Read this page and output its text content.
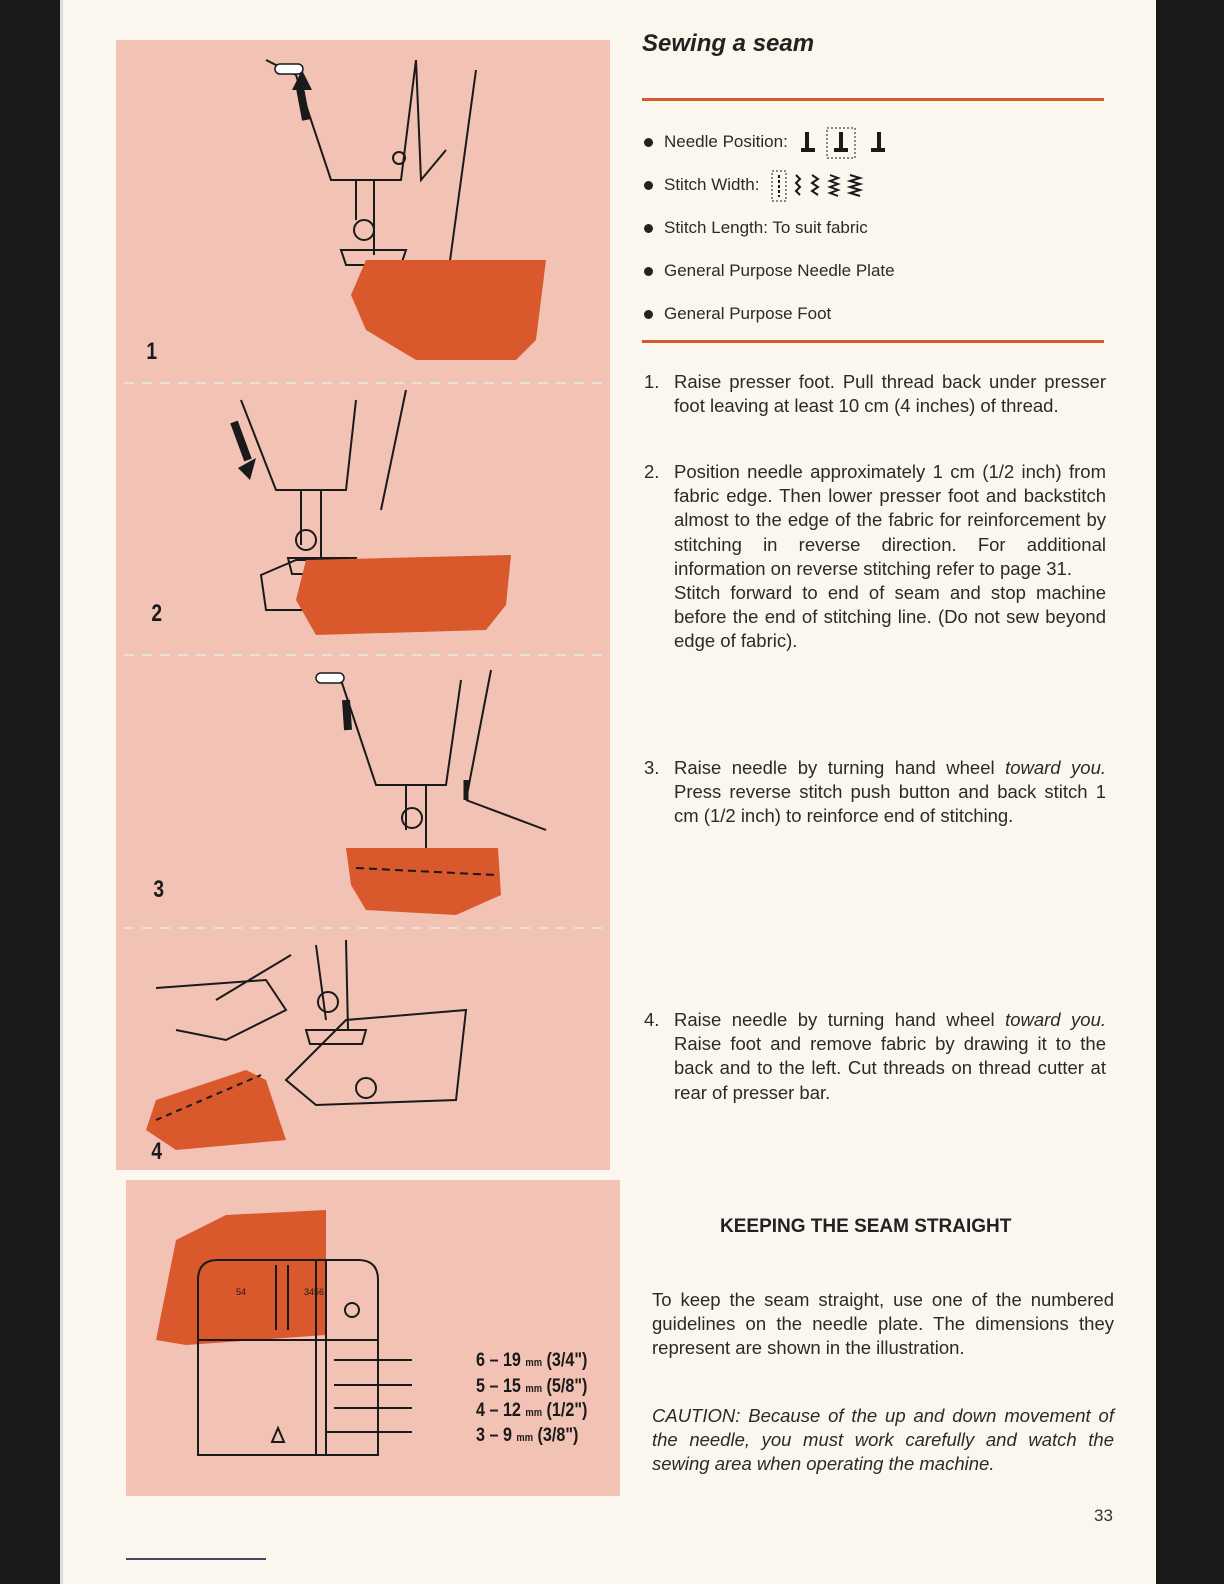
1
2
3
4
54	3456
6 – 19 mm (3/4")
5 – 15 mm (5/8")
4 – 12 mm (1/2")
3 – 9 mm (3/8")
Sewing a seam
Needle Position:
Stitch Width:
Stitch Length: To suit fabric
General Purpose Needle Plate
General Purpose Foot
1. Raise presser foot. Pull thread back under presser foot leaving at least 10 cm (4 inches) of thread.
2. Position needle approximately 1 cm (1/2 inch) from fabric edge. Then lower presser foot and backstitch almost to the edge of the fabric for reinforcement by stitching in reverse direction. For additional information on reverse stitching refer to page 31.
Stitch forward to end of seam and stop machine before the end of stitching line. (Do not sew beyond edge of fabric).
3. Raise needle by turning hand wheel toward you. Press reverse stitch push button and back stitch 1 cm (1/2 inch) to reinforce end of stitching.
4. Raise needle by turning hand wheel toward you. Raise foot and remove fabric by drawing it to the back and to the left. Cut threads on thread cutter at rear of presser bar.
KEEPING THE SEAM STRAIGHT
To keep the seam straight, use one of the numbered guidelines on the needle plate. The dimensions they represent are shown in the illustration.
CAUTION: Because of the up and down movement of the needle, you must work carefully and watch the sewing area when operating the machine.
33
